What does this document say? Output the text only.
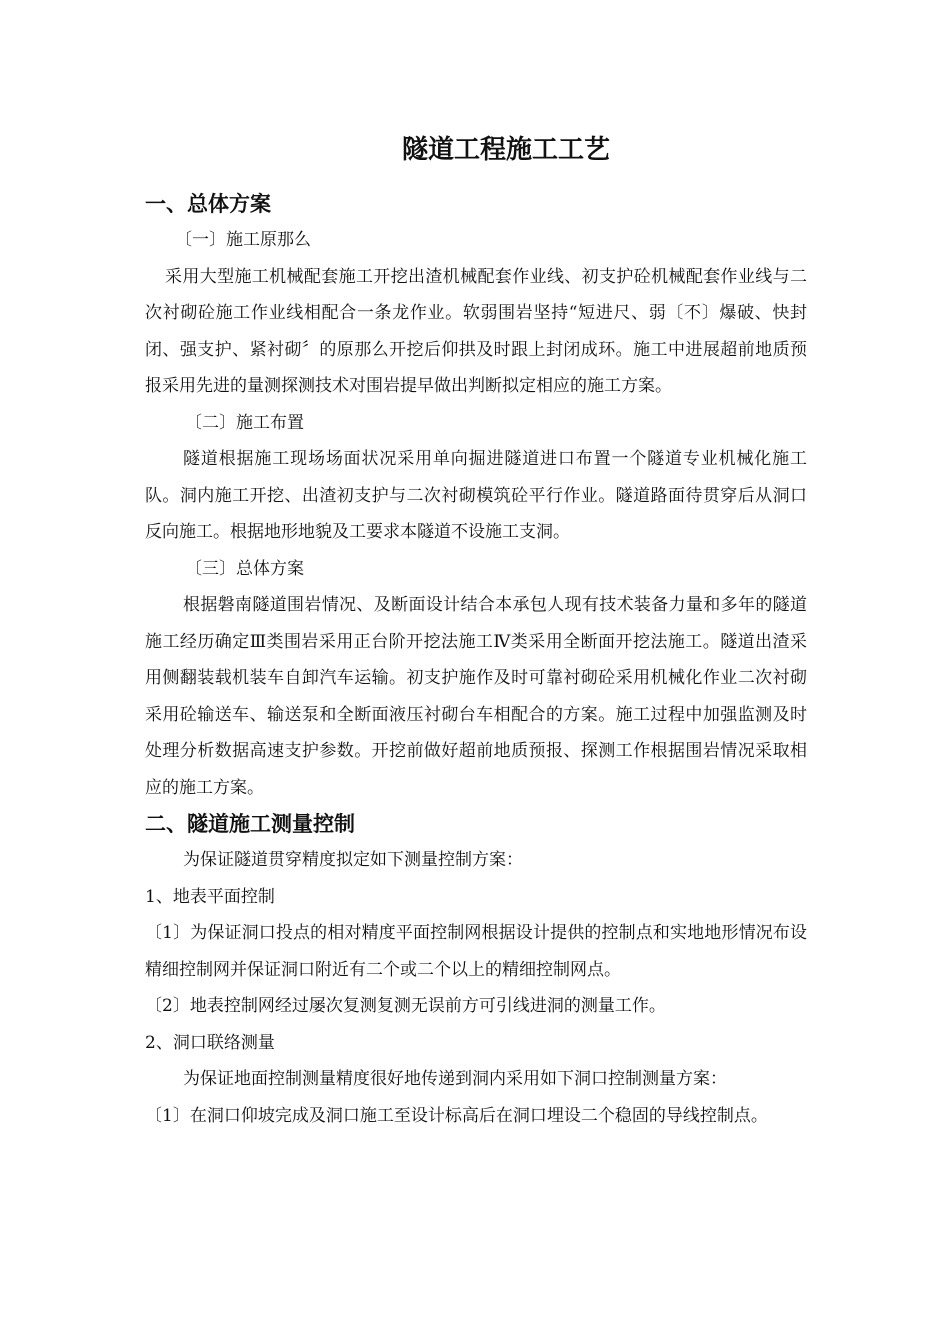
隧道工程施工工艺
一、总体方案

〔一〕施工原那么

采用大型施工机械配套施工开挖出渣机械配套作业线、初支护砼机械配套作业线与二次衬砌砼施工作业线相配合一条龙作业。软弱围岩坚持“短进尺、弱〔不〕爆破、快封闭、强支护、紧衬砌〞的原那么开挖后仰拱及时跟上封闭成环。施工中进展超前地质预报采用先进的量测探测技术对围岩提早做出判断拟定相应的施工方案。

〔二〕施工布置

隧道根据施工现场场面状况采用单向掘进隧道进口布置一个隧道专业机械化施工队。洞内施工开挖、出渣初支护与二次衬砌模筑砼平行作业。隧道路面待贯穿后从洞口反向施工。根据地形地貌及工要求本隧道不设施工支洞。

〔三〕总体方案

根据磐南隧道围岩情况、及断面设计结合本承包人现有技术装备力量和多年的隧道施工经历确定Ⅲ类围岩采用正台阶开挖法施工Ⅳ类采用全断面开挖法施工。隧道出渣采用侧翻装载机装车自卸汽车运输。初支护施作及时可靠衬砌砼采用机械化作业二次衬砌采用砼输送车、输送泵和全断面液压衬砌台车相配合的方案。施工过程中加强监测及时处理分析数据高速支护参数。开挖前做好超前地质预报、探测工作根据围岩情况采取相应的施工方案。

二、隧道施工测量控制

为保证隧道贯穿精度拟定如下测量控制方案：

1、地表平面控制

〔1〕为保证洞口投点的相对精度平面控制网根据设计提供的控制点和实地地形情况布设精细控制网并保证洞口附近有二个或二个以上的精细控制网点。

〔2〕地表控制网经过屡次复测复测无误前方可引线进洞的测量工作。

2、洞口联络测量

为保证地面控制测量精度很好地传递到洞内采用如下洞口控制测量方案：

〔1〕在洞口仰坡完成及洞口施工至设计标高后在洞口埋设二个稳固的导线控制点。
